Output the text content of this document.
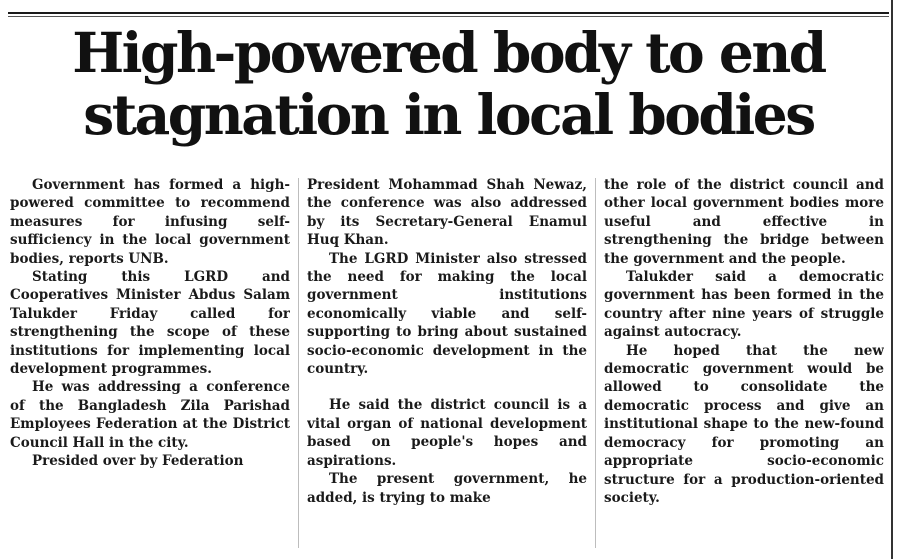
High-powered body to end stagnation in local bodies

Government has formed a high-powered committee to recommend measures for infusing self-sufficiency in the local government bodies, reports UNB.

Stating this LGRD and Cooperatives Minister Abdus Salam Talukder Friday called for strengthening the scope of these institutions for implementing local development programmes.

He was addressing a conference of the Bangladesh Zila Parishad Employees Federation at the District Council Hall in the city.

Presided over by Federation

President Mohammad Shah Newaz, the conference was also addressed by its Secretary-General Enamul Huq Khan.

The LGRD Minister also stressed the need for making the local government institutions economically viable and self-supporting to bring about sustained socio-economic development in the country.

He said the district council is a vital organ of national development based on people's hopes and aspirations.

The present government, he added, is trying to make

the role of the district council and other local government bodies more useful and effective in strengthening the bridge between the government and the people.

Talukder said a democratic government has been formed in the country after nine years of struggle against autocracy.

He hoped that the new democratic government would be allowed to consolidate the democratic process and give an institutional shape to the new-found democracy for promoting an appropriate socio-economic structure for a production-oriented society.
